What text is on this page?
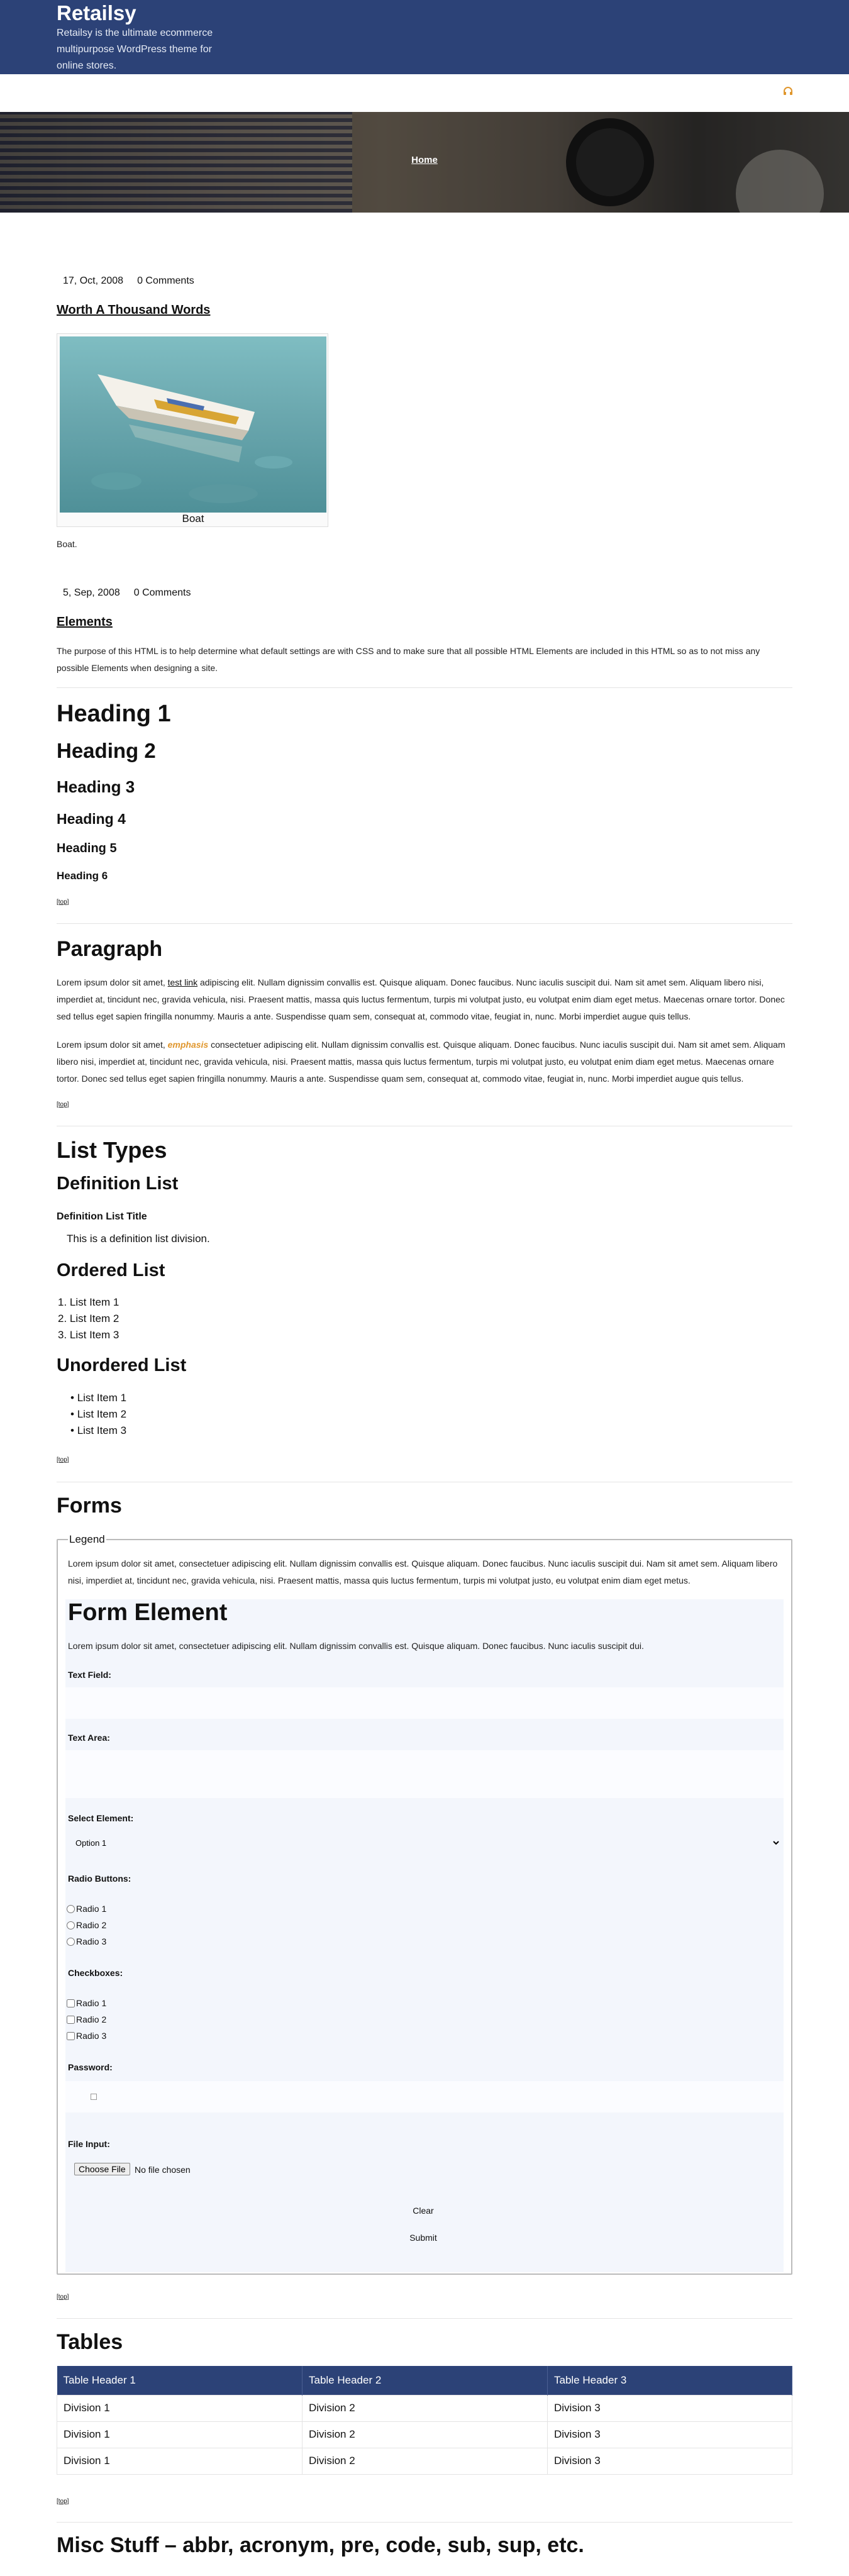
Retailsy
Retailsy is the ultimate ecommerce multipurpose WordPress theme for online stores.
Home
17, Oct, 2008 0 Comments
Worth A Thousand Words
Boat
Boat.
5, Sep, 2008 0 Comments
Elements
The purpose of this HTML is to help determine what default settings are with CSS and to make sure that all possible HTML Elements are included in this HTML so as to not miss any possible Elements when designing a site.
Heading 1
Heading 2
Heading 3
Heading 4
Heading 5
Heading 6
[top]
Paragraph
Lorem ipsum dolor sit amet, test link adipiscing elit. Nullam dignissim convallis est. Quisque aliquam. Donec faucibus. Nunc iaculis suscipit dui. Nam sit amet sem. Aliquam libero nisi, imperdiet at, tincidunt nec, gravida vehicula, nisi. Praesent mattis, massa quis luctus fermentum, turpis mi volutpat justo, eu volutpat enim diam eget metus. Maecenas ornare tortor. Donec sed tellus eget sapien fringilla nonummy. Mauris a ante. Suspendisse quam sem, consequat at, commodo vitae, feugiat in, nunc. Morbi imperdiet augue quis tellus.
Lorem ipsum dolor sit amet, emphasis consectetuer adipiscing elit. Nullam dignissim convallis est. Quisque aliquam. Donec faucibus. Nunc iaculis suscipit dui. Nam sit amet sem. Aliquam libero nisi, imperdiet at, tincidunt nec, gravida vehicula, nisi. Praesent mattis, massa quis luctus fermentum, turpis mi volutpat justo, eu volutpat enim diam eget metus. Maecenas ornare tortor. Donec sed tellus eget sapien fringilla nonummy. Mauris a ante. Suspendisse quam sem, consequat at, commodo vitae, feugiat in, nunc. Morbi imperdiet augue quis tellus.
[top]
List Types
Definition List
Definition List Title
This is a definition list division.
Ordered List
1. List Item 1
2. List Item 2
3. List Item 3
Unordered List
• List Item 1
• List Item 2
• List Item 3
[top]
Forms
Legend
Lorem ipsum dolor sit amet, consectetuer adipiscing elit. Nullam dignissim convallis est. Quisque aliquam. Donec faucibus. Nunc iaculis suscipit dui. Nam sit amet sem. Aliquam libero nisi, imperdiet at, tincidunt nec, gravida vehicula, nisi. Praesent mattis, massa quis luctus fermentum, turpis mi volutpat justo, eu volutpat enim diam eget metus.
Form Element
Lorem ipsum dolor sit amet, consectetuer adipiscing elit. Nullam dignissim convallis est. Quisque aliquam. Donec faucibus. Nunc iaculis suscipit dui.
Text Field:
Text Area:
Select Element:
Option 1
Radio Buttons:
Radio 1
Radio 2
Radio 3
Checkboxes:
Radio 1
Radio 2
Radio 3
Password:
File Input:
Choose File	No file chosen
Clear
Submit
[top]
Tables
Table Header 1	Table Header 2	Table Header 3
Division 1	Division 2	Division 3
Division 1	Division 2	Division 3
Division 1	Division 2	Division 3
[top]
Misc Stuff – abbr, acronym, pre, code, sub, sup, etc.
